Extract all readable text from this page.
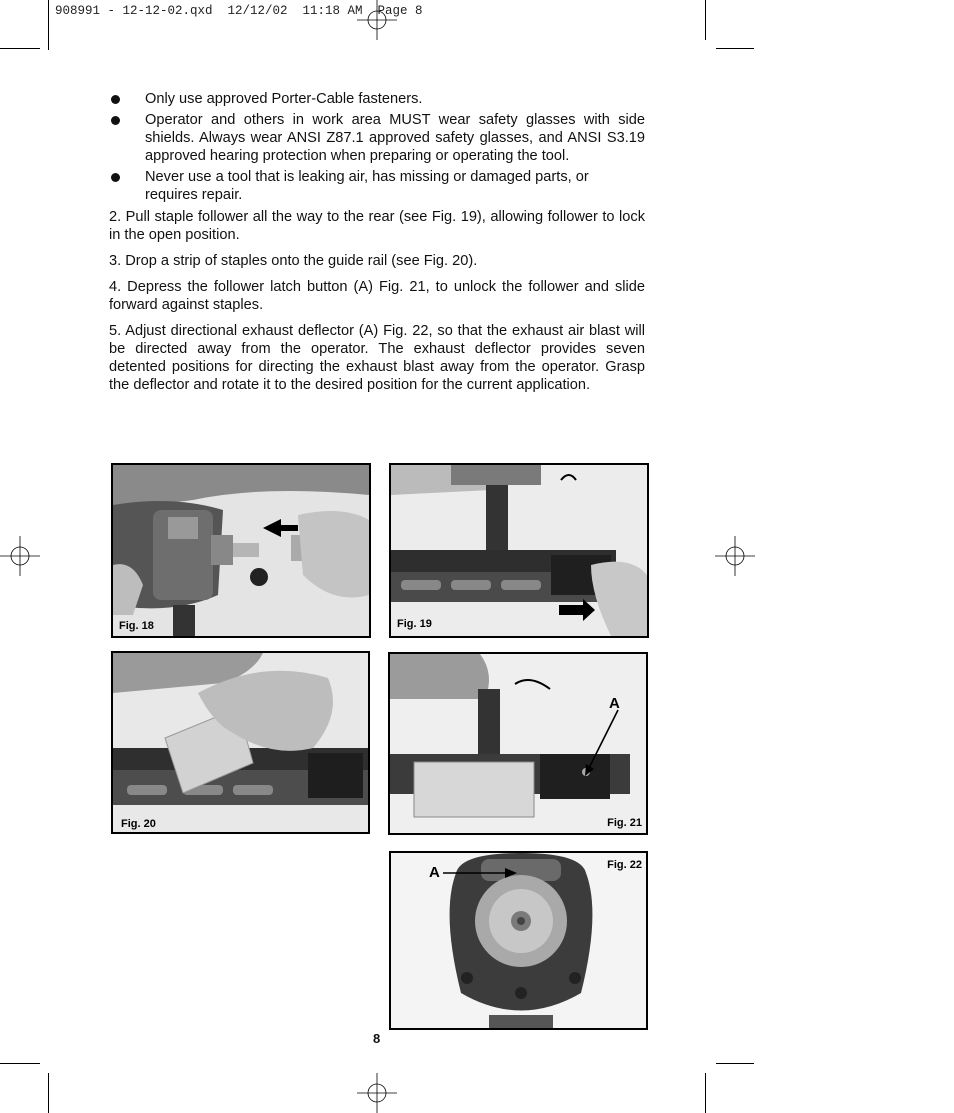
908991 - 12-12-02.qxd  12/12/02  11:18 AM  Page 8
Only use approved Porter-Cable fasteners.
Operator and others in work area MUST wear safety glasses with side shields. Always wear ANSI Z87.1 approved safety glasses, and ANSI S3.19 approved hearing protection when preparing or operating the tool.
Never use a tool that is leaking air, has missing or damaged parts, or requires repair.

2. Pull staple follower all the way to the rear (see Fig. 19), allowing follower to lock in the open position.

3. Drop a strip of staples onto the guide rail (see Fig. 20).

4. Depress the follower latch button (A) Fig. 21, to unlock the follower and slide forward against staples.

5. Adjust directional exhaust deflector (A) Fig. 22, so that the exhaust air blast will be directed away from the operator. The exhaust deflector provides seven detented positions for directing the exhaust blast away from the operator. Grasp the deflector and rotate it to the desired position for the current application.

Fig. 18	Fig. 19
Fig. 20
A
Fig. 21
A	Fig. 22
8
